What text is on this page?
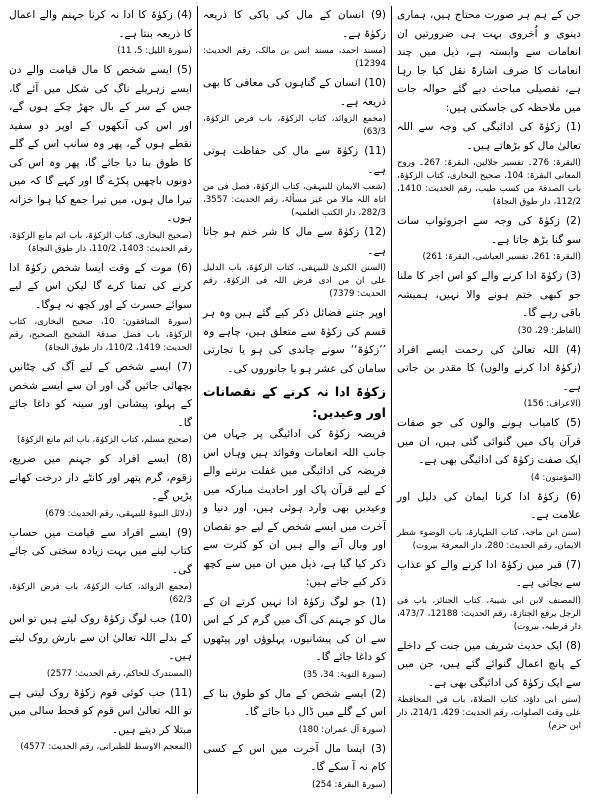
جن کے ہم ہر صورت محتاج ہیں، ہماری دینوی و اُخروی بہت ہی ضرورتیں ان انعامات سے وابستہ ہے، ذیل میں چند انعامات کا صرف اشارۃً نقل کیا جا رہا ہے، تفصیلی مباحث دیے گئے حوالہ جات میں ملاحظہ کی جاسکتی ہیں:

(1) زکوٰۃ کی ادائیگی کی وجہ سے اللہ تعالیٰ مال کو بڑھاتے ہیں۔

(البقرۃ: 276۔ تفسیر جلالین، البقرۃ: 267۔ وروح المعانی البقرۃ: 104، صحیح البخاری، کتاب الزکوٰۃ، باب الصدقۃ من کسب طیب، رقم الحدیث: 1410، 112/2، دار طوق النجاۃ)

(2) زکوٰۃ کی وجہ سے اجروثواب سات سو گنا بڑھ جاتا ہے۔

(البقرۃ: 261، تفسیر العیاشی، البقرۃ: 261)

(3) زکوٰۃ ادا کرنے والے کو اس اجر کا ملنا جو کبھی ختم ہونے والا نہیں، ہمیشہ باقی رہے گا۔

(الفاطر: 29، 30)

(4) اللہ تعالیٰ کی رحمت ایسے افراد (زکوٰۃ ادا کرنے والوں) کا مقدر بن جاتی ہے۔

(الاعراف: 156)

(5) کامیاب ہونے والوں کی جو صفات قرآن پاک میں گنوائی گئی ہیں، ان میں ایک صفت زکوٰۃ کی ادائیگی بھی ہے۔

(المؤمنون: 4)

(6) زکوٰۃ ادا کرنا ایمان کی دلیل اور علامت ہے۔

(سنن ابن ماجہ، کتاب الطہارۃ، باب الوضوء شطر الایمان، رقم الحدیث: 280، دار المعرفۃ بیروت)

(7) قبر میں زکوٰۃ ادا کرنے والے کو عذاب سے بچاتی ہے۔

(المصنف لابن ابی شیبۃ، کتاب الجنائز، باب فی الرجل یرفع الجنازۃ، رقم الحدیث: 12188، 473/7، دار قرطبہ، بیروت)

(8) ایک حدیث شریف میں جنت کے داخلے کے پانچ اعمال گنوائے گئے ہیں، جن میں سے ایک زکوٰۃ کی ادائیگی بھی ہے۔

(سنن ابی داؤد، کتاب الصلاۃ، باب فی المحافظۃ علی وقت الصلوات، رقم الحدیث: 429، 214/1، دار ابن حزم)

(9) انسان کے مال کی پاکی کا ذریعہ زکوٰۃ ہے۔

(مسند احمد، مسند انس بن مالک، رقم الحدیث: 12394)

(10) انسان کے گناہوں کی معافی کا بھی ذریعہ ہے۔

(مجمع الزوائد، کتاب الزکوٰۃ، باب فرض الزکوٰۃ، 63/3)

(11) زکوٰۃ سے مال کی حفاظت ہوتی ہے۔

(شعب الایمان للبیہقی، کتاب الزکوٰۃ، فصل فی من اتاہ اللہ مالا من غیر مسألۃ، رقم الحدیث: 3557، 282/3، دار الکتب العلمیہ)

(12) زکوٰۃ سے مال کا شر ختم ہو جاتا ہے۔

(السنن الکبریٰ للبیہقی، کتاب الزکوٰۃ، باب الدلیل علی ان من ادی فرض اللہ فی الزکوٰۃ، رقم الحدیث: 7379)

اوپر جتنے فضائل ذکر کیے گئے ہیں وہ ہر قسم کی زکوٰۃ سے متعلق ہیں، چاہے وہ ’’زکوٰۃ‘‘ سونے چاندی کی ہو یا تجارتی سامان کی عشر ہو یا جانوروں کی۔

زکوٰۃ ادا نہ کرنے کے نقصانات اور وعیدیں:

فریضہ زکوٰۃ کی ادائیگی پر جہاں من جانب اللہ انعامات وفوائد ہیں وہاں اس فریضہ کی ادائیگی میں غفلت برتنے والے کے لیے قرآن پاک اور احادیث مبارکہ میں وعیدیں بھی وارد ہوئی ہیں، اور دنیا و آخرت میں ایسے شخص کے لیے جو نقصان اور وبال آنے والے ہیں ان کو کثرت سے ذکر کیا گیا ہے، ذیل میں ان میں سے کچھ ذکر کیے جاتے ہیں:

(1) جو لوگ زکوٰۃ ادا نہیں کرتے ان کے مال کو جہنم کی آگ میں گرم کر کے اس سے ان کی پیشانیوں، پہلوؤں اور پیٹھوں کو داغا جائے گا۔

(سورۃ التوبۃ: 34، 35)

(2) ایسے شخص کے مال کو طوق بنا کے اس کے گلے میں ڈال دیا جائے گا۔

(سورۃ آل عمران: 180)

(3) ایسا مال آخرت میں اس کے کسی کام نہ آ سکے گا۔

(سورۃ البقرۃ: 254)

(4) زکوٰۃ کا ادا نہ کرنا جہنم والے اعمال کا ذریعہ بنتا ہے۔

(سورۃ اللیل: 5، 11)

(5) ایسے شخص کا مال قیامت والے دن ایسے زہریلے ناگ کی شکل میں آئے گا، جس کے سر کے بال جھڑ چکے ہوں گے، اور اس کی آنکھوں کے اوپر دو سفید نقطے ہوں گے، پھر وہ سانپ اس کے گلے کا طوق بنا دیا جائے گا، پھر وہ اس کی دونوں باچھیں پکڑے گا اور کہے گا کہ میں تیرا مال ہوں، میں تیرا جمع کیا ہوا خزانہ ہوں۔

(صحیح البخاری، کتاب الزکوٰۃ، باب اثم مانع الزکوٰۃ، رقم الحدیث: 1403، 110/2، دار طوق النجاۃ)

(6) موت کے وقت ایسا شخص زکوٰۃ ادا کرنے کی تمنا کرے گا لیکن اس کے لیے سوائے حسرت کے اور کچھ نہ ہوگا۔

(سورۃ المنافقون: 10، صحیح البخاری، کتاب الزکوٰۃ، باب فضل صدقۃ الشحیح الصحیح، رقم الحدیث: 1419، 110/2، دار طوق النجاۃ)

(7) ایسے شخص کے لیے آگ کی چٹانیں بچھائی جائیں گی اور ان سے ایسے شخص کے پہلو، پیشانی اور سینہ کو داغا جائے گا۔

(صحیح مسلم، کتاب الزکوٰۃ، باب اثم مانع الزکوٰۃ)

(8) ایسے افراد کو جہنم میں ضریع، زقوم، گرم پتھر اور کانٹے دار درخت کھانے پڑیں گے۔

(دلائل النبوۃ للبیہقی، رقم الحدیث: 679)

(9) ایسے افراد سے قیامت میں حساب کتاب لینے میں بہت زیادہ سختی کی جائے گی۔

(مجمع الزوائد، کتاب الزکوٰۃ، باب فرض الزکوٰۃ، 62/3)

(10) جب لوگ زکوٰۃ روک لیتے ہیں تو اس کے بدلے اللہ تعالیٰ ان سے بارش روک لیتے ہیں۔

(المستدرک للحاکم، رقم الحدیث: 2577)

(11) جب کوئی قوم زکوٰۃ روک لیتی ہے تو اللہ تعالیٰ اس قوم کو قحط سالی میں مبتلا کر دیتے ہیں۔

(المعجم الاوسط للطبرانی، رقم الحدیث: 4577)
